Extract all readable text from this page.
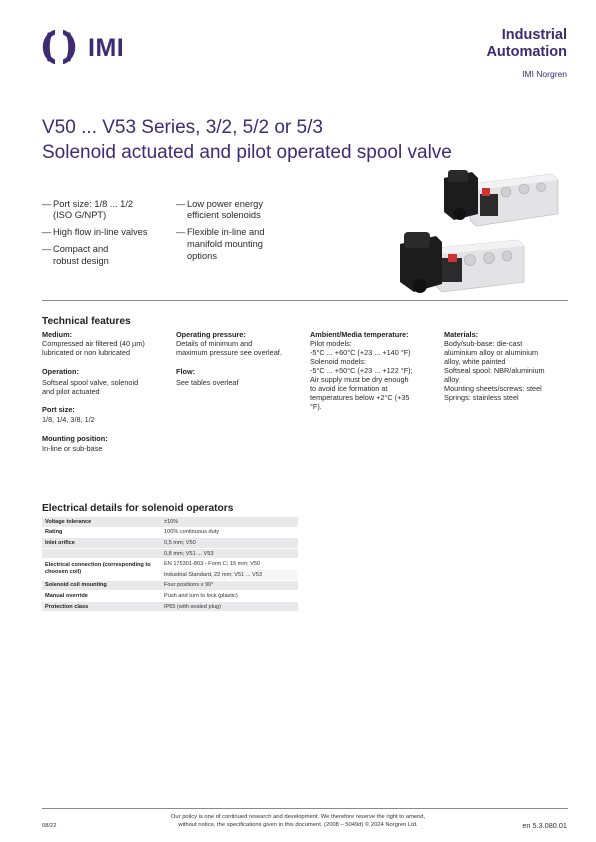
IMI	Industrial
Automation
IMI Norgren
V50 ... V53 Series, 3/2, 5/2 or 5/3
Solenoid actuated and pilot operated spool valve
— Port size: 1/8 ... 1/2
(ISO G/NPT)
— High flow in-line valves
— Compact and
robust design
— Low power energy
efficient solenoids
— Flexible in-line and
manifold mounting
options
Technical features
Medium:
Compressed air filtered (40 µm)
lubricated or non lubricated
Operation:
Softseal spool valve, solenoid
and pilot actuated
Port size:
1/8, 1/4, 3/8, 1/2
Mounting position:
In-line or sub-base
Operating pressure:
Details of minimum and
maximum pressure see overleaf.
Flow:
See tables overleaf
Ambient/Media temperature:
Pilot models:
-5°C ... +60°C (+23 ... +140 °F)
Solenoid models:
-5°C ... +50°C (+23 ... +122 °F);
Air supply must be dry enough
to avoid ice formation at
temperatures below +2°C (+35
°F).
Materials:
Body/sub-base: die-cast
aluminium alloy or aluminium
alloy, white painted
Softseal spool: NBR/aluminium
alloy
Mounting sheets/screws: steel
Springs: stainless steel
Electrical details for solenoid operators
Voltage tolerance	±10%
Rating	100% continuous duty
Inlet orifice	0,5 mm; V50
	0,8 mm; V51 ... V53
Electrical connection (corresponding to choosen coil)	EN 175301-803 - Form C; 15 mm; V50
	Industrial Standard, 22 mm; V51 ... V53
Solenoid coil mounting	Four positions x 90°
Manual override	Push and turn to lock (plastic)
Protection class	IP65 (with sealed plug)
08/22
Our policy is one of continued research and development. We therefore reserve the right to amend,
without notice, the specifications given in this document. (2008 – 5049d) © 2024 Norgren Ltd.	en 5.3.080.01
